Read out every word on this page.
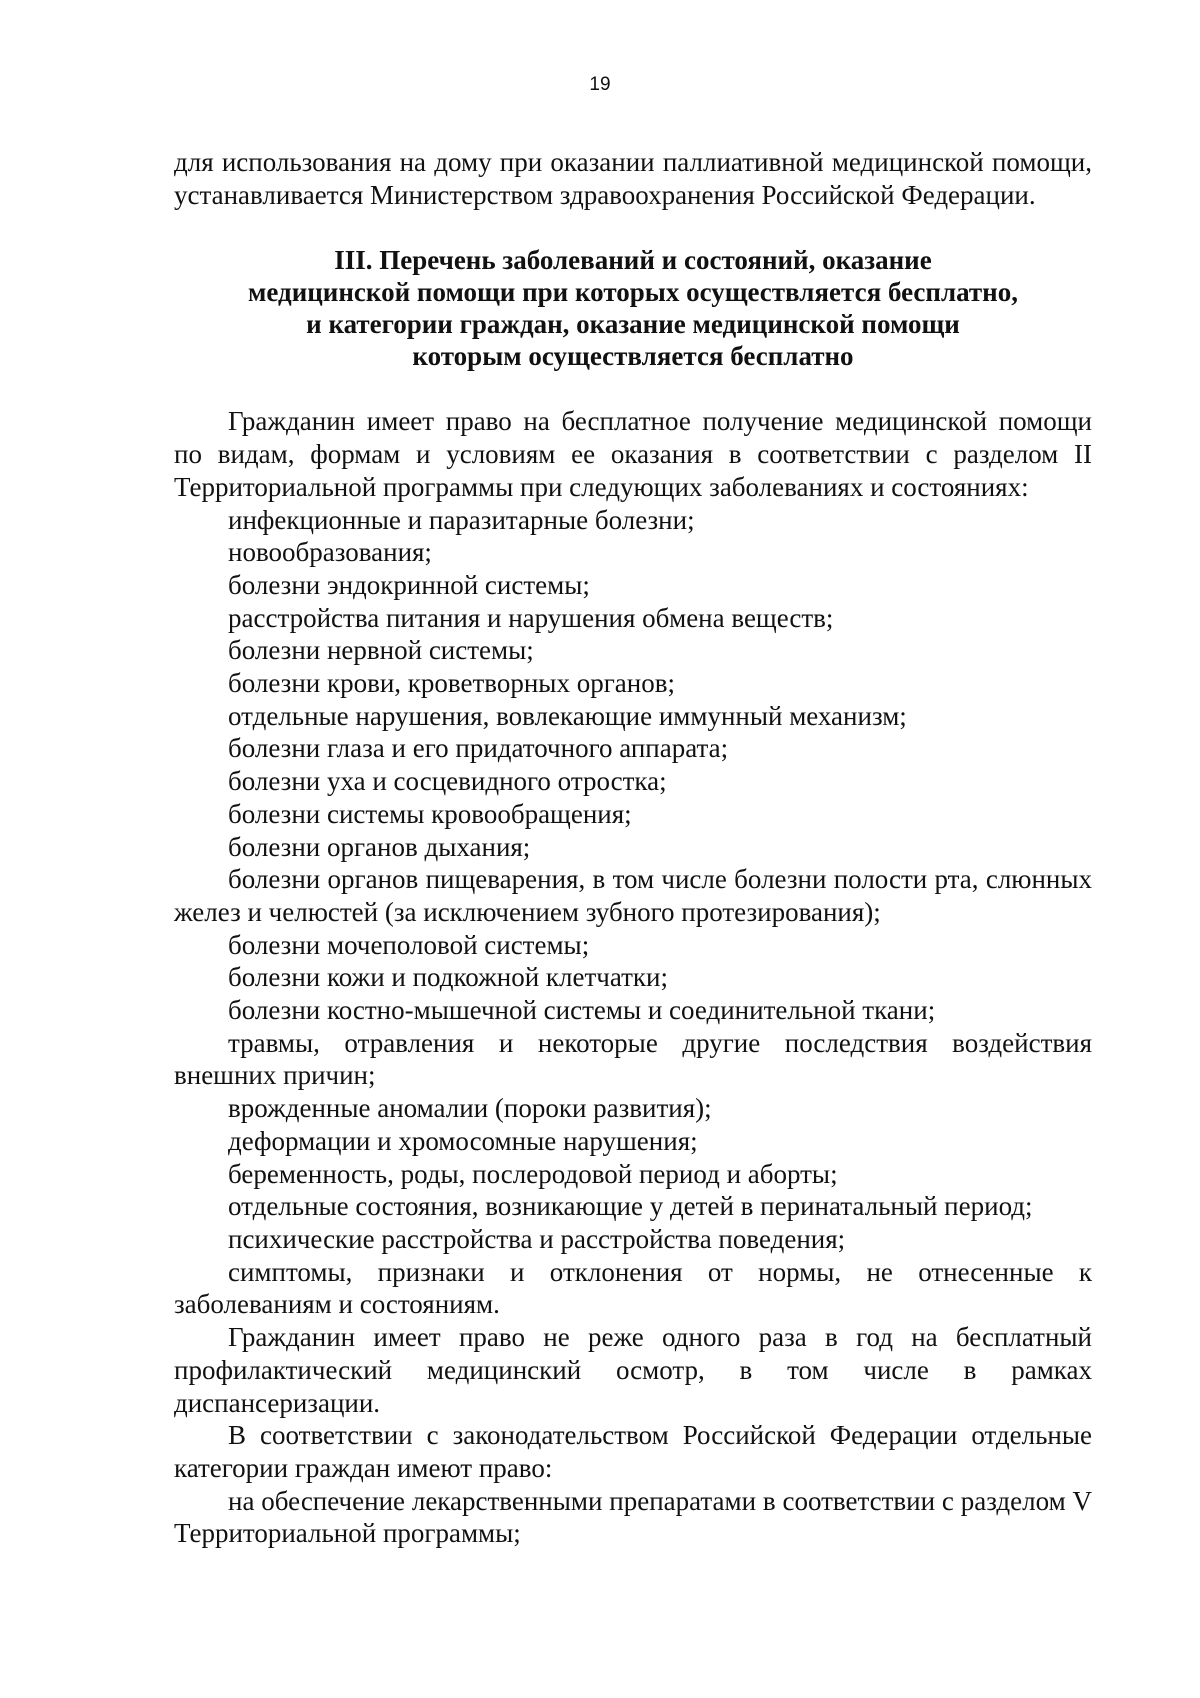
19

для использования на дому при оказании паллиативной медицинской помощи, устанавливается Министерством здравоохранения Российской Федерации.

III. Перечень заболеваний и состояний, оказание
медицинской помощи при которых осуществляется бесплатно,
и категории граждан, оказание медицинской помощи
которым осуществляется бесплатно

Гражданин имеет право на бесплатное получение медицинской помощи по видам, формам и условиям ее оказания в соответствии с разделом II Территориальной программы при следующих заболеваниях и состояниях:

инфекционные и паразитарные болезни;

новообразования;

болезни эндокринной системы;

расстройства питания и нарушения обмена веществ;

болезни нервной системы;

болезни крови, кроветворных органов;

отдельные нарушения, вовлекающие иммунный механизм;

болезни глаза и его придаточного аппарата;

болезни уха и сосцевидного отростка;

болезни системы кровообращения;

болезни органов дыхания;

болезни органов пищеварения, в том числе болезни полости рта, слюнных желез и челюстей (за исключением зубного протезирования);

болезни мочеполовой системы;

болезни кожи и подкожной клетчатки;

болезни костно-мышечной системы и соединительной ткани;

травмы, отравления и некоторые другие последствия воздействия внешних причин;

врожденные аномалии (пороки развития);

деформации и хромосомные нарушения;

беременность, роды, послеродовой период и аборты;

отдельные состояния, возникающие у детей в перинатальный период;

психические расстройства и расстройства поведения;

симптомы, признаки и отклонения от нормы, не отнесенные к заболеваниям и состояниям.

Гражданин имеет право не реже одного раза в год на бесплатный профилактический медицинский осмотр, в том числе в рамках диспансеризации.

В соответствии с законодательством Российской Федерации отдельные категории граждан имеют право:

на обеспечение лекарственными препаратами в соответствии с разделом V Территориальной программы;
